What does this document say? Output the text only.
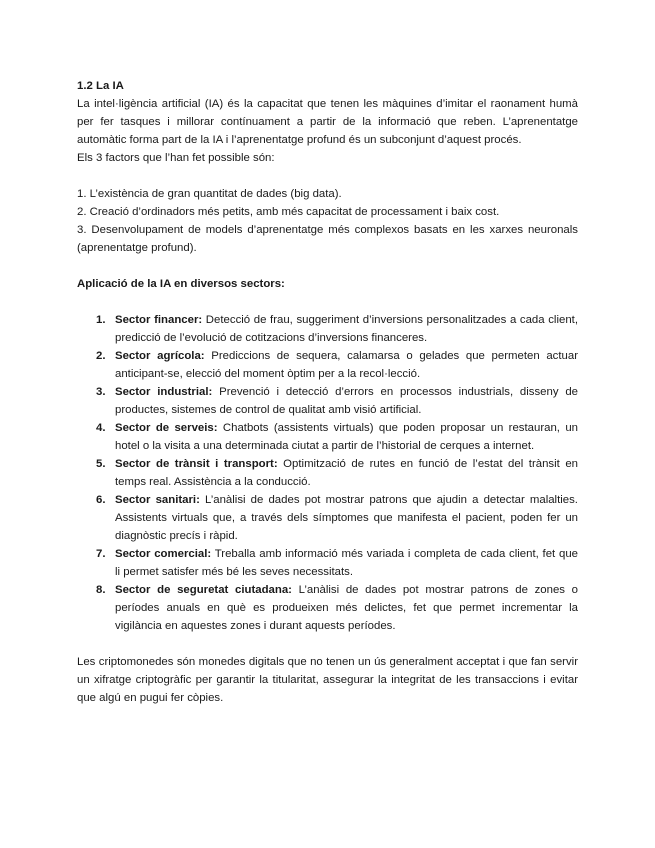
1.2 La IA

La intel·ligència artificial (IA) és la capacitat que tenen les màquines d’imitar el raonament humà per fer tasques i millorar contínuament a partir de la informació que reben. L’aprenentatge automàtic forma part de la IA i l’aprenentatge profund és un subconjunt d’aquest procés.

Els 3 factors que l’han fet possible són:

1. L’existència de gran quantitat de dades (big data).

2. Creació d’ordinadors més petits, amb més capacitat de processament i baix cost.

3. Desenvolupament de models d’aprenentatge més complexos basats en les xarxes neuronals (aprenentatge profund).

Aplicació de la IA en diversos sectors:

1. Sector financer: Detecció de frau, suggeriment d’inversions personalitzades a cada client, predicció de l’evolució de cotitzacions d’inversions financeres.
2. Sector agrícola: Prediccions de sequera, calamarsa o gelades que permeten actuar anticipant-se, elecció del moment òptim per a la recol·lecció.
3. Sector industrial: Prevenció i detecció d’errors en processos industrials, disseny de productes, sistemes de control de qualitat amb visió artificial.
4. Sector de serveis: Chatbots (assistents virtuals) que poden proposar un restauran, un hotel o la visita a una determinada ciutat a partir de l’historial de cerques a internet.
5. Sector de trànsit i transport: Optimització de rutes en funció de l’estat del trànsit en temps real. Assistència a la conducció.
6. Sector sanitari: L’anàlisi de dades pot mostrar patrons que ajudin a detectar malalties. Assistents virtuals que, a través dels símptomes que manifesta el pacient, poden fer un diagnòstic precís i ràpid.
7. Sector comercial: Treballa amb informació més variada i completa de cada client, fet que li permet satisfer més bé les seves necessitats.
8. Sector de seguretat ciutadana: L’anàlisi de dades pot mostrar patrons de zones o períodes anuals en què es produeixen més delictes, fet que permet incrementar la vigilància en aquestes zones i durant aquests períodes.

Les criptomonedes són monedes digitals que no tenen un ús generalment acceptat i que fan servir un xifratge criptogràfic per garantir la titularitat, assegurar la integritat de les transaccions i evitar que algú en pugui fer còpies.
